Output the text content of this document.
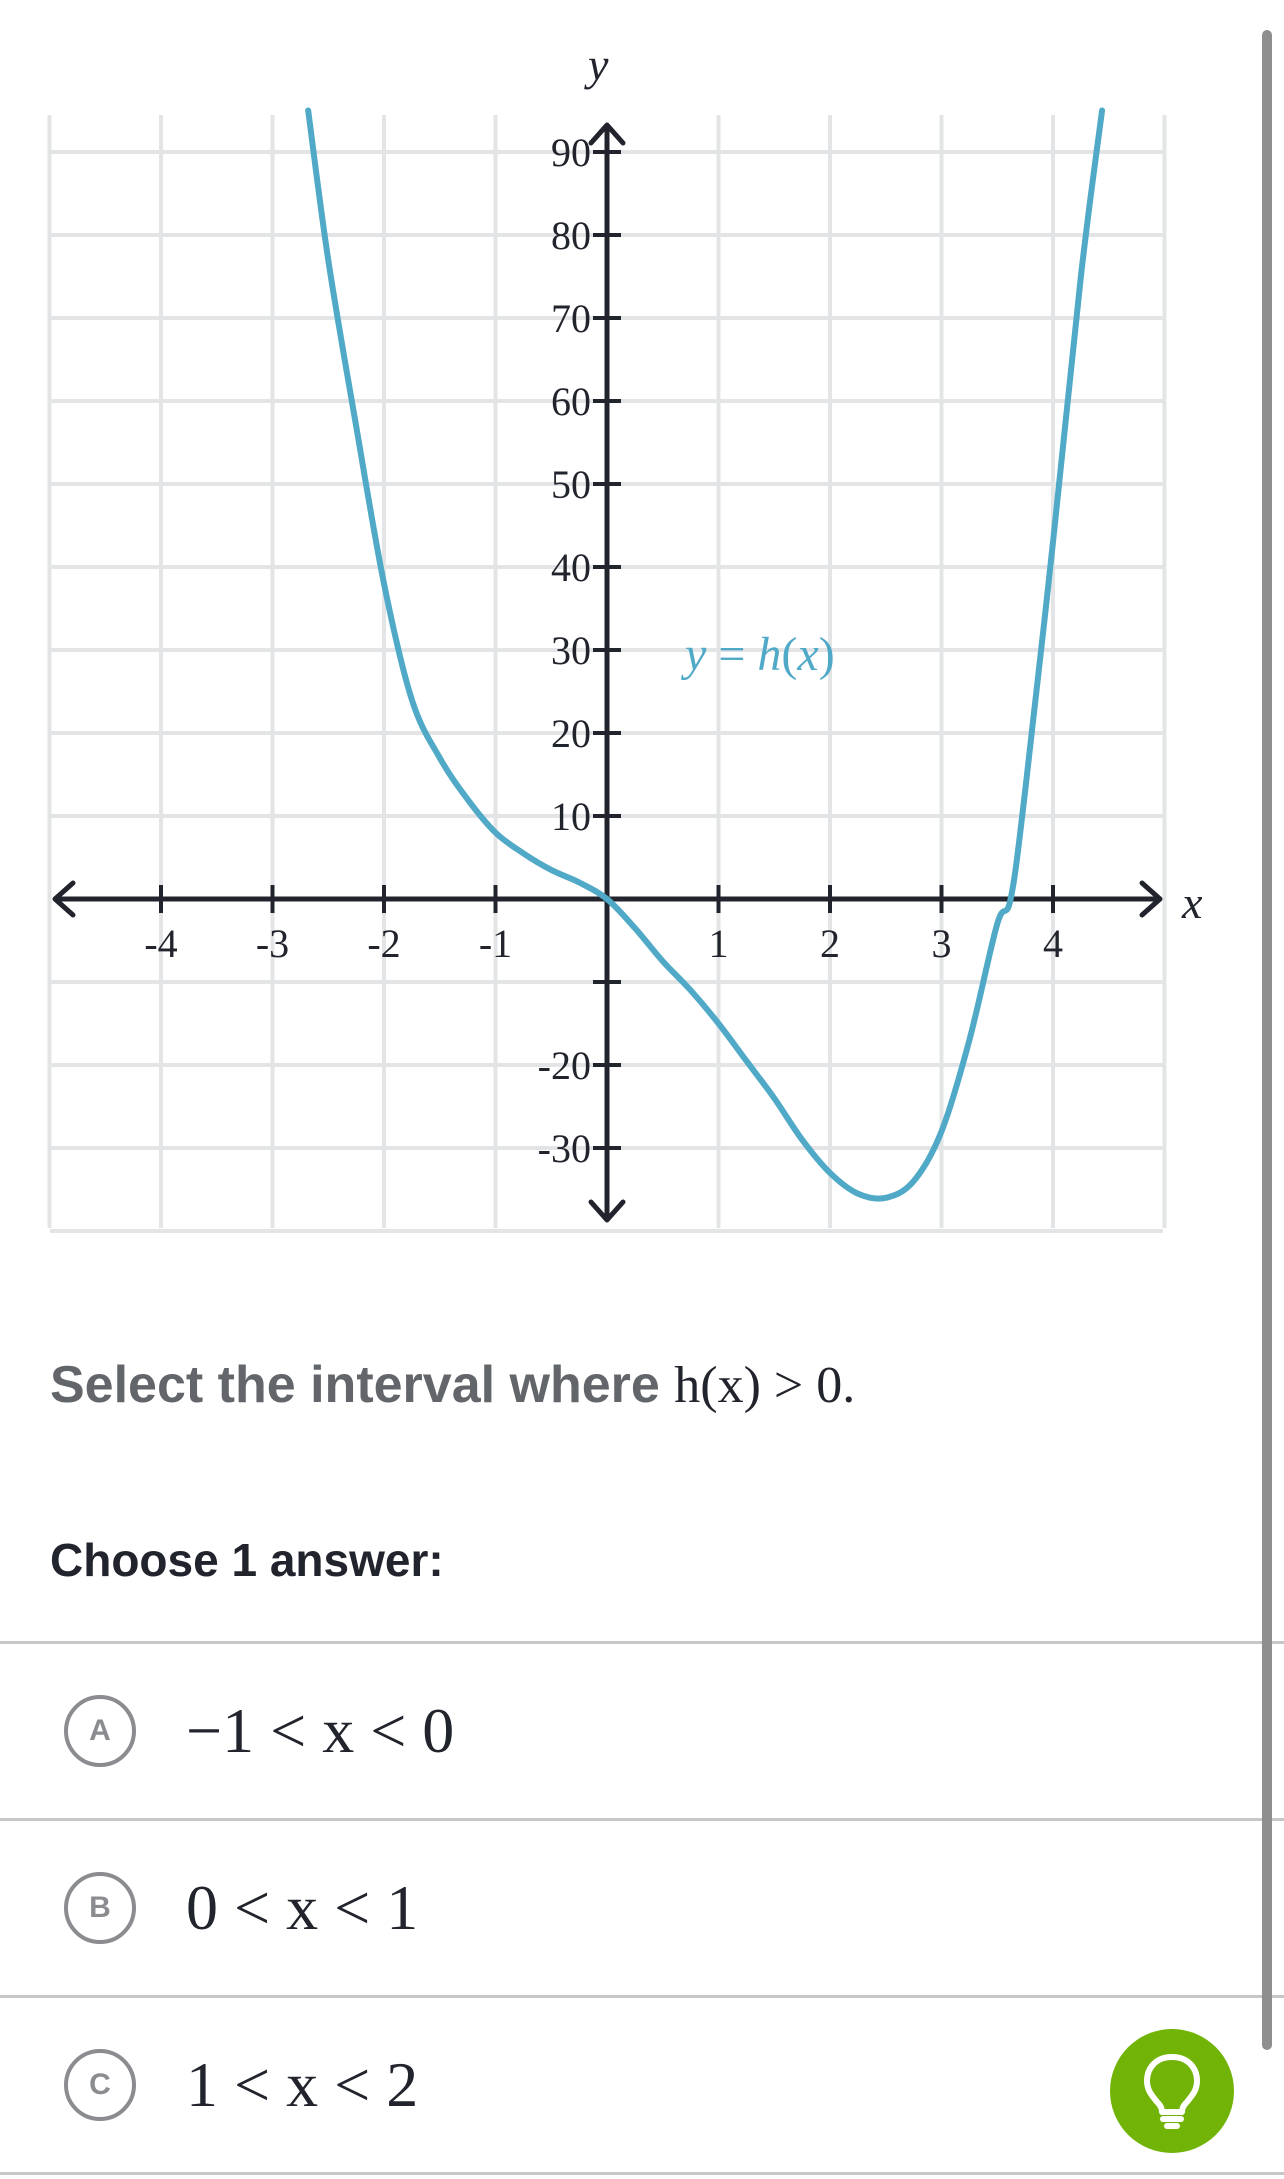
-4 -3 -2 -1	1 2 3 4
-30
-20
10
20
30
40
50
60
70
80
90
y = h(x)
x
y
Select the interval where h(x) > 0.
Choose 1 answer:
A	−1 < x < 0
B	0 < x < 1
C	1 < x < 2
